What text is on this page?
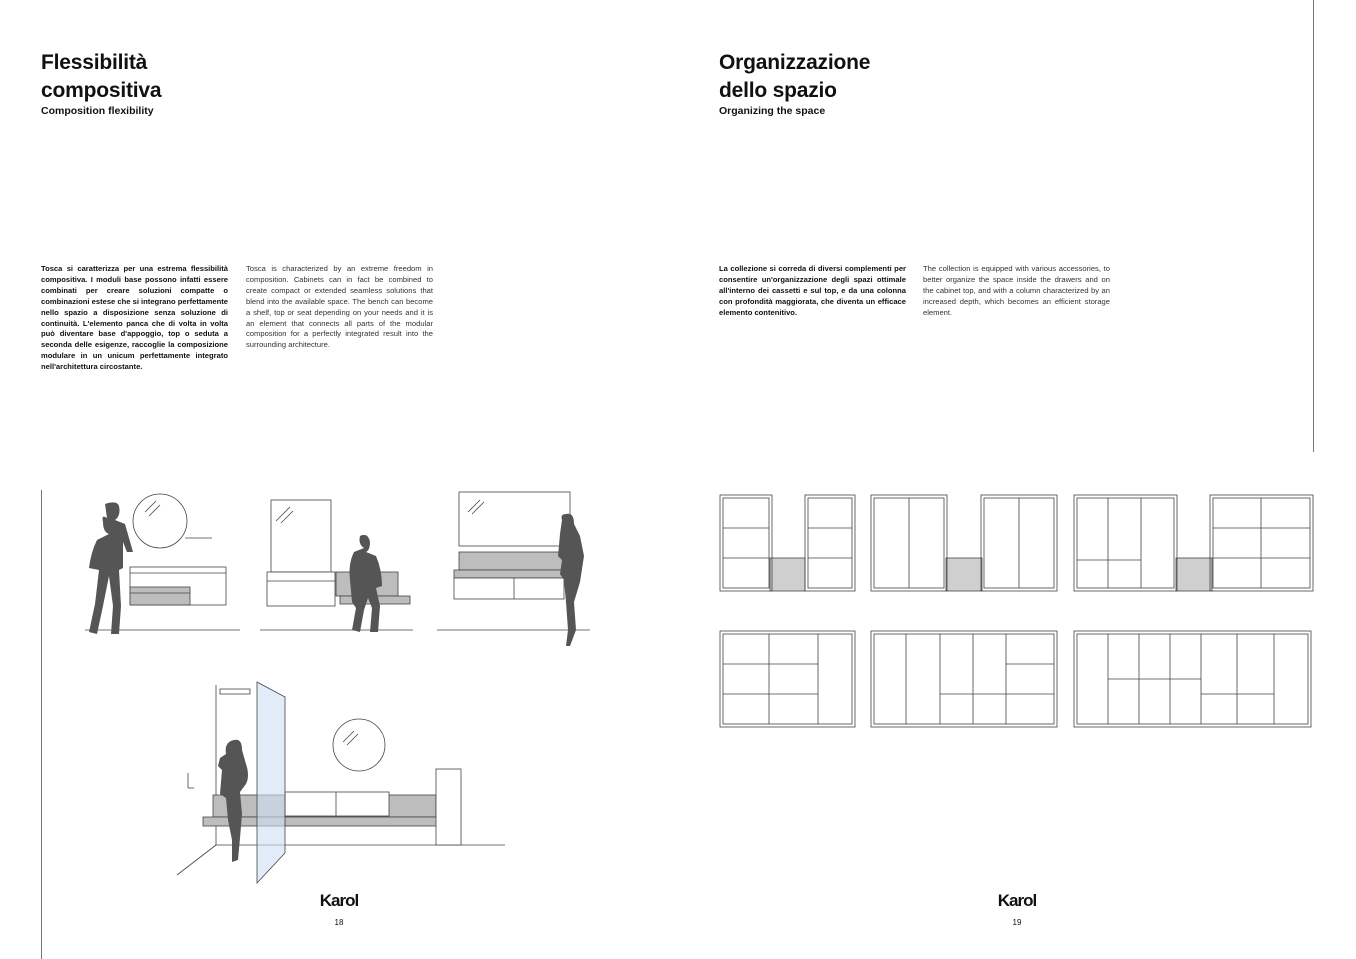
Flessibilità
compositiva
Composition flexibility
Tosca si caratterizza per una estrema flessibilità compositiva. I moduli base possono infatti essere combinati per creare soluzioni compatte o combinazioni estese che si integrano perfettamente nello spazio a disposizione senza soluzione di continuità. L'elemento panca che di volta in volta può diventare base d'appoggio, top o seduta a seconda delle esigenze, raccoglie la composizione modulare in un unicum perfettamente integrato nell'architettura circostante.
Tosca is characterized by an extreme freedom in composition. Cabinets can in fact be combined to create compact or extended seamless solutions that blend into the available space. The bench can become a shelf, top or seat depending on your needs and it is an element that connects all parts of the modular composition for a perfectly integrated result into the surrounding architecture.
Organizzazione
dello spazio
Organizing the space
La collezione si correda di diversi complementi per consentire un'organizzazione degli spazi ottimale all'interno dei cassetti e sul top, e da una colonna con profondità maggiorata, che diventa un efficace elemento contenitivo.
The collection is equipped with various accessories, to better organize the space inside the drawers and on the cabinet top, and with a column characterized by an increased depth, which becomes an efficient storage element.
Karol
18
Karol
19
